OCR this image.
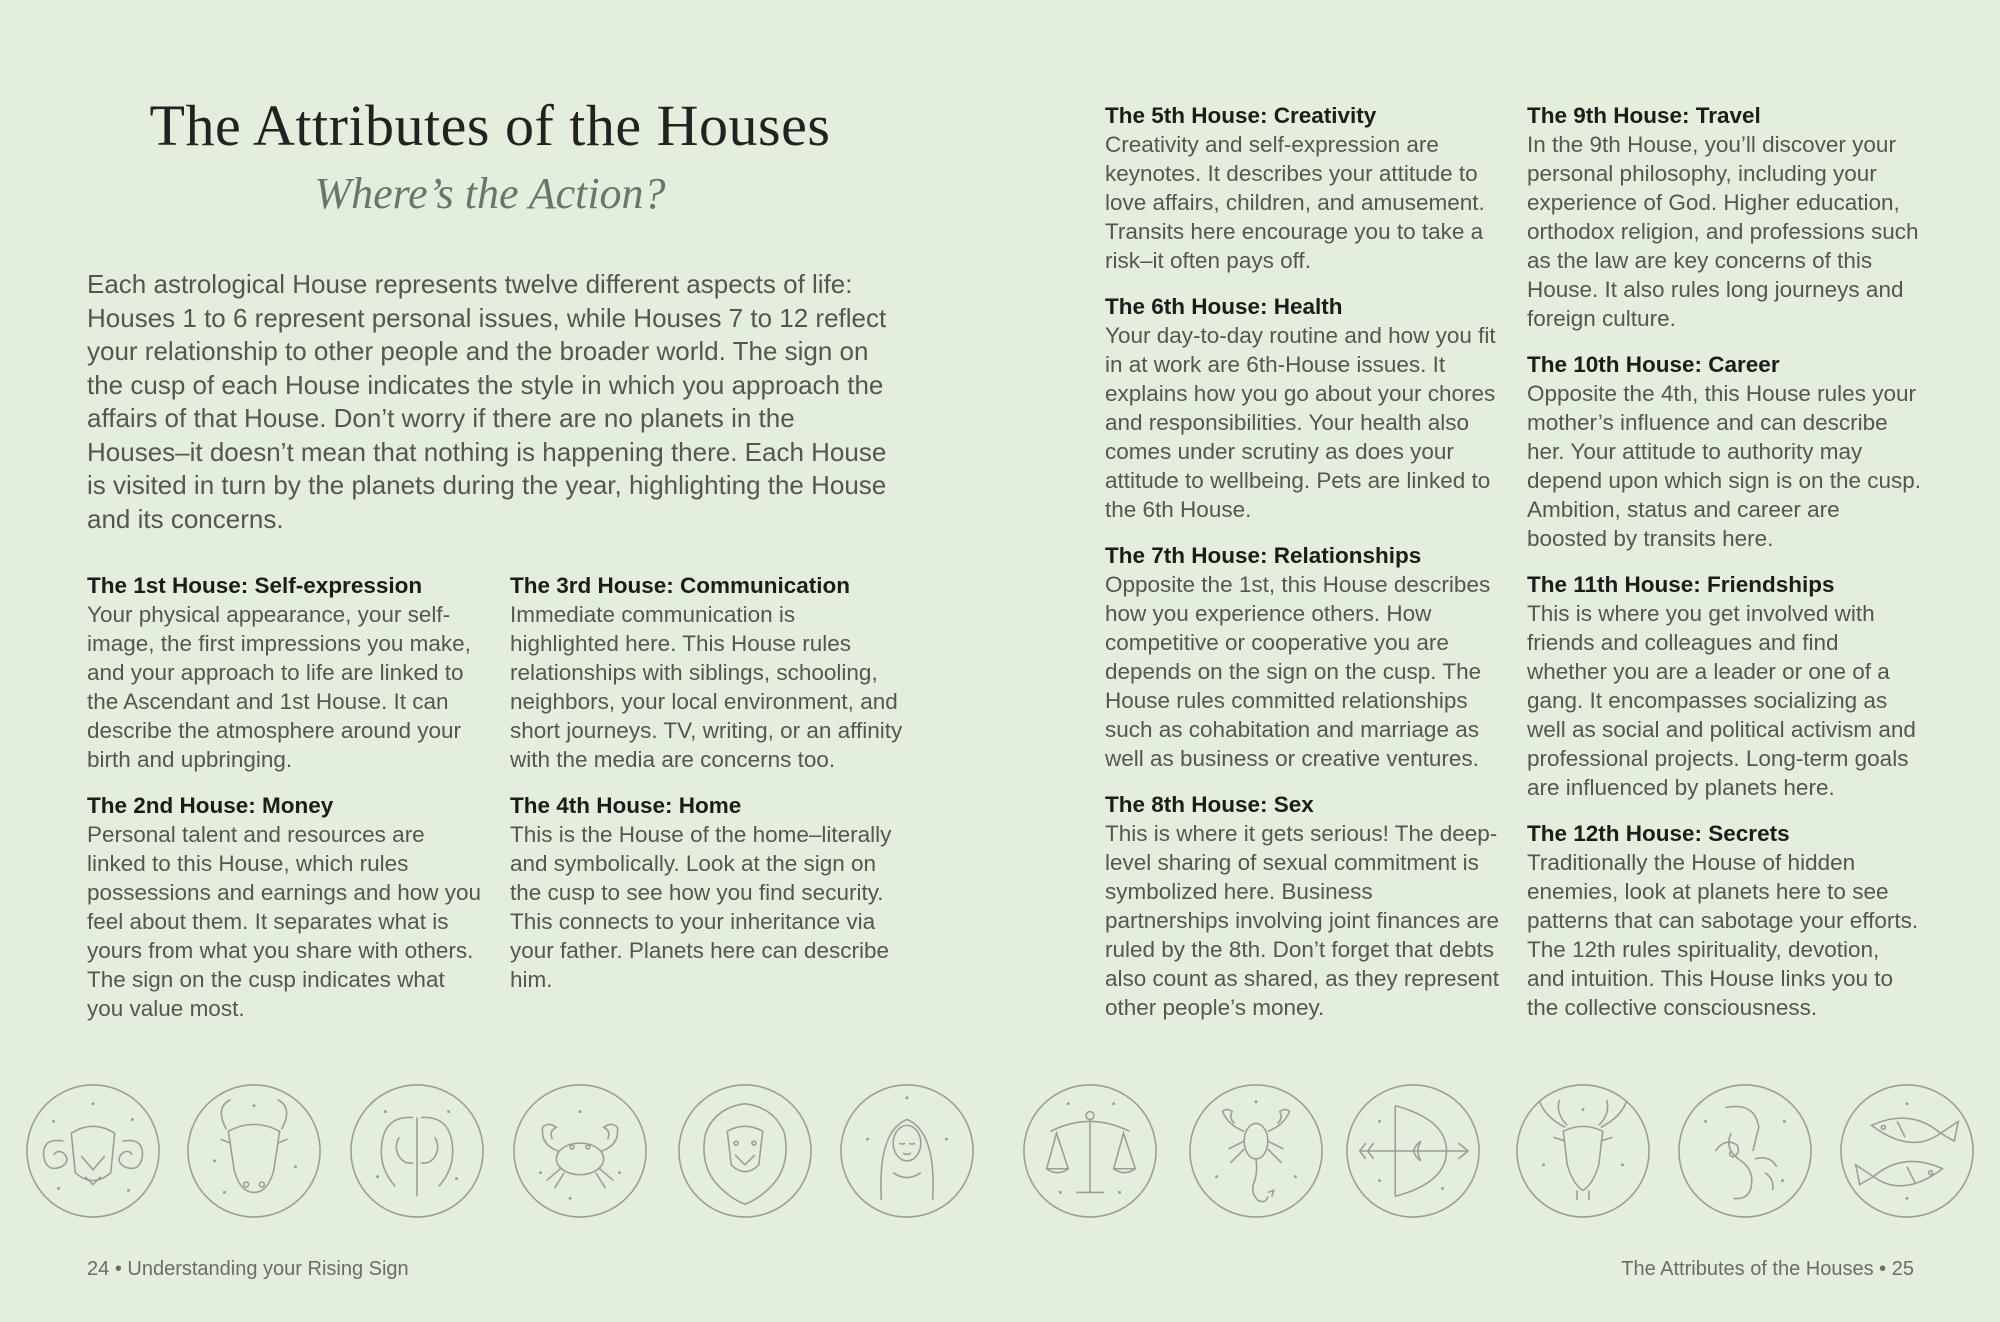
The Attributes of the Houses
Where’s the Action?

Each astrological House represents twelve different aspects of life: Houses 1 to 6 represent personal issues, while Houses 7 to 12 reflect your relationship to other people and the broader world. The sign on the cusp of each House indicates the style in which you approach the affairs of that House. Don’t worry if there are no planets in the Houses–it doesn’t mean that nothing is happening there. Each House is visited in turn by the planets during the year, highlighting the House and its concerns.

The 1st House: Self-expression

Your physical appearance, your self-image, the first impressions you make, and your approach to life are linked to the Ascendant and 1st House. It can describe the atmosphere around your birth and upbringing.

The 2nd House: Money

Personal talent and resources are linked to this House, which rules possessions and earnings and how you feel about them. It separates what is yours from what you share with others. The sign on the cusp indicates what you value most.

The 3rd House: Communication

Immediate communication is highlighted here. This House rules relationships with siblings, schooling, neighbors, your local environment, and short journeys. TV, writing, or an affinity with the media are concerns too.

The 4th House: Home

This is the House of the home–literally and symbolically. Look at the sign on the cusp to see how you find security. This connects to your inheritance via your father. Planets here can describe him.

The 5th House: Creativity

Creativity and self-expression are keynotes. It describes your attitude to love affairs, children, and amusement. Transits here encourage you to take a risk–it often pays off.

The 6th House: Health

Your day-to-day routine and how you fit in at work are 6th-House issues. It explains how you go about your chores and responsibilities. Your health also comes under scrutiny as does your attitude to wellbeing. Pets are linked to the 6th House.

The 7th House: Relationships

Opposite the 1st, this House describes how you experience others. How competitive or cooperative you are depends on the sign on the cusp. The House rules committed relationships such as cohabitation and marriage as well as business or creative ventures.

The 8th House: Sex

This is where it gets serious! The deep-level sharing of sexual commitment is symbolized here. Business partnerships involving joint finances are ruled by the 8th. Don’t forget that debts also count as shared, as they represent other people’s money.

The 9th House: Travel

In the 9th House, you’ll discover your personal philosophy, including your experience of God. Higher education, orthodox religion, and professions such as the law are key concerns of this House. It also rules long journeys and foreign culture.

The 10th House: Career

Opposite the 4th, this House rules your mother’s influence and can describe her. Your attitude to authority may depend upon which sign is on the cusp. Ambition, status and career are boosted by transits here.

The 11th House: Friendships

This is where you get involved with friends and colleagues and find whether you are a leader or one of a gang. It encompasses socializing as well as social and political activism and professional projects. Long-term goals are influenced by planets here.

The 12th House: Secrets

Traditionally the House of hidden enemies, look at planets here to see patterns that can sabotage your efforts. The 12th rules spirituality, devotion, and intuition. This House links you to the collective consciousness.

24 • Understanding your Rising Sign	The Attributes of the Houses • 25
